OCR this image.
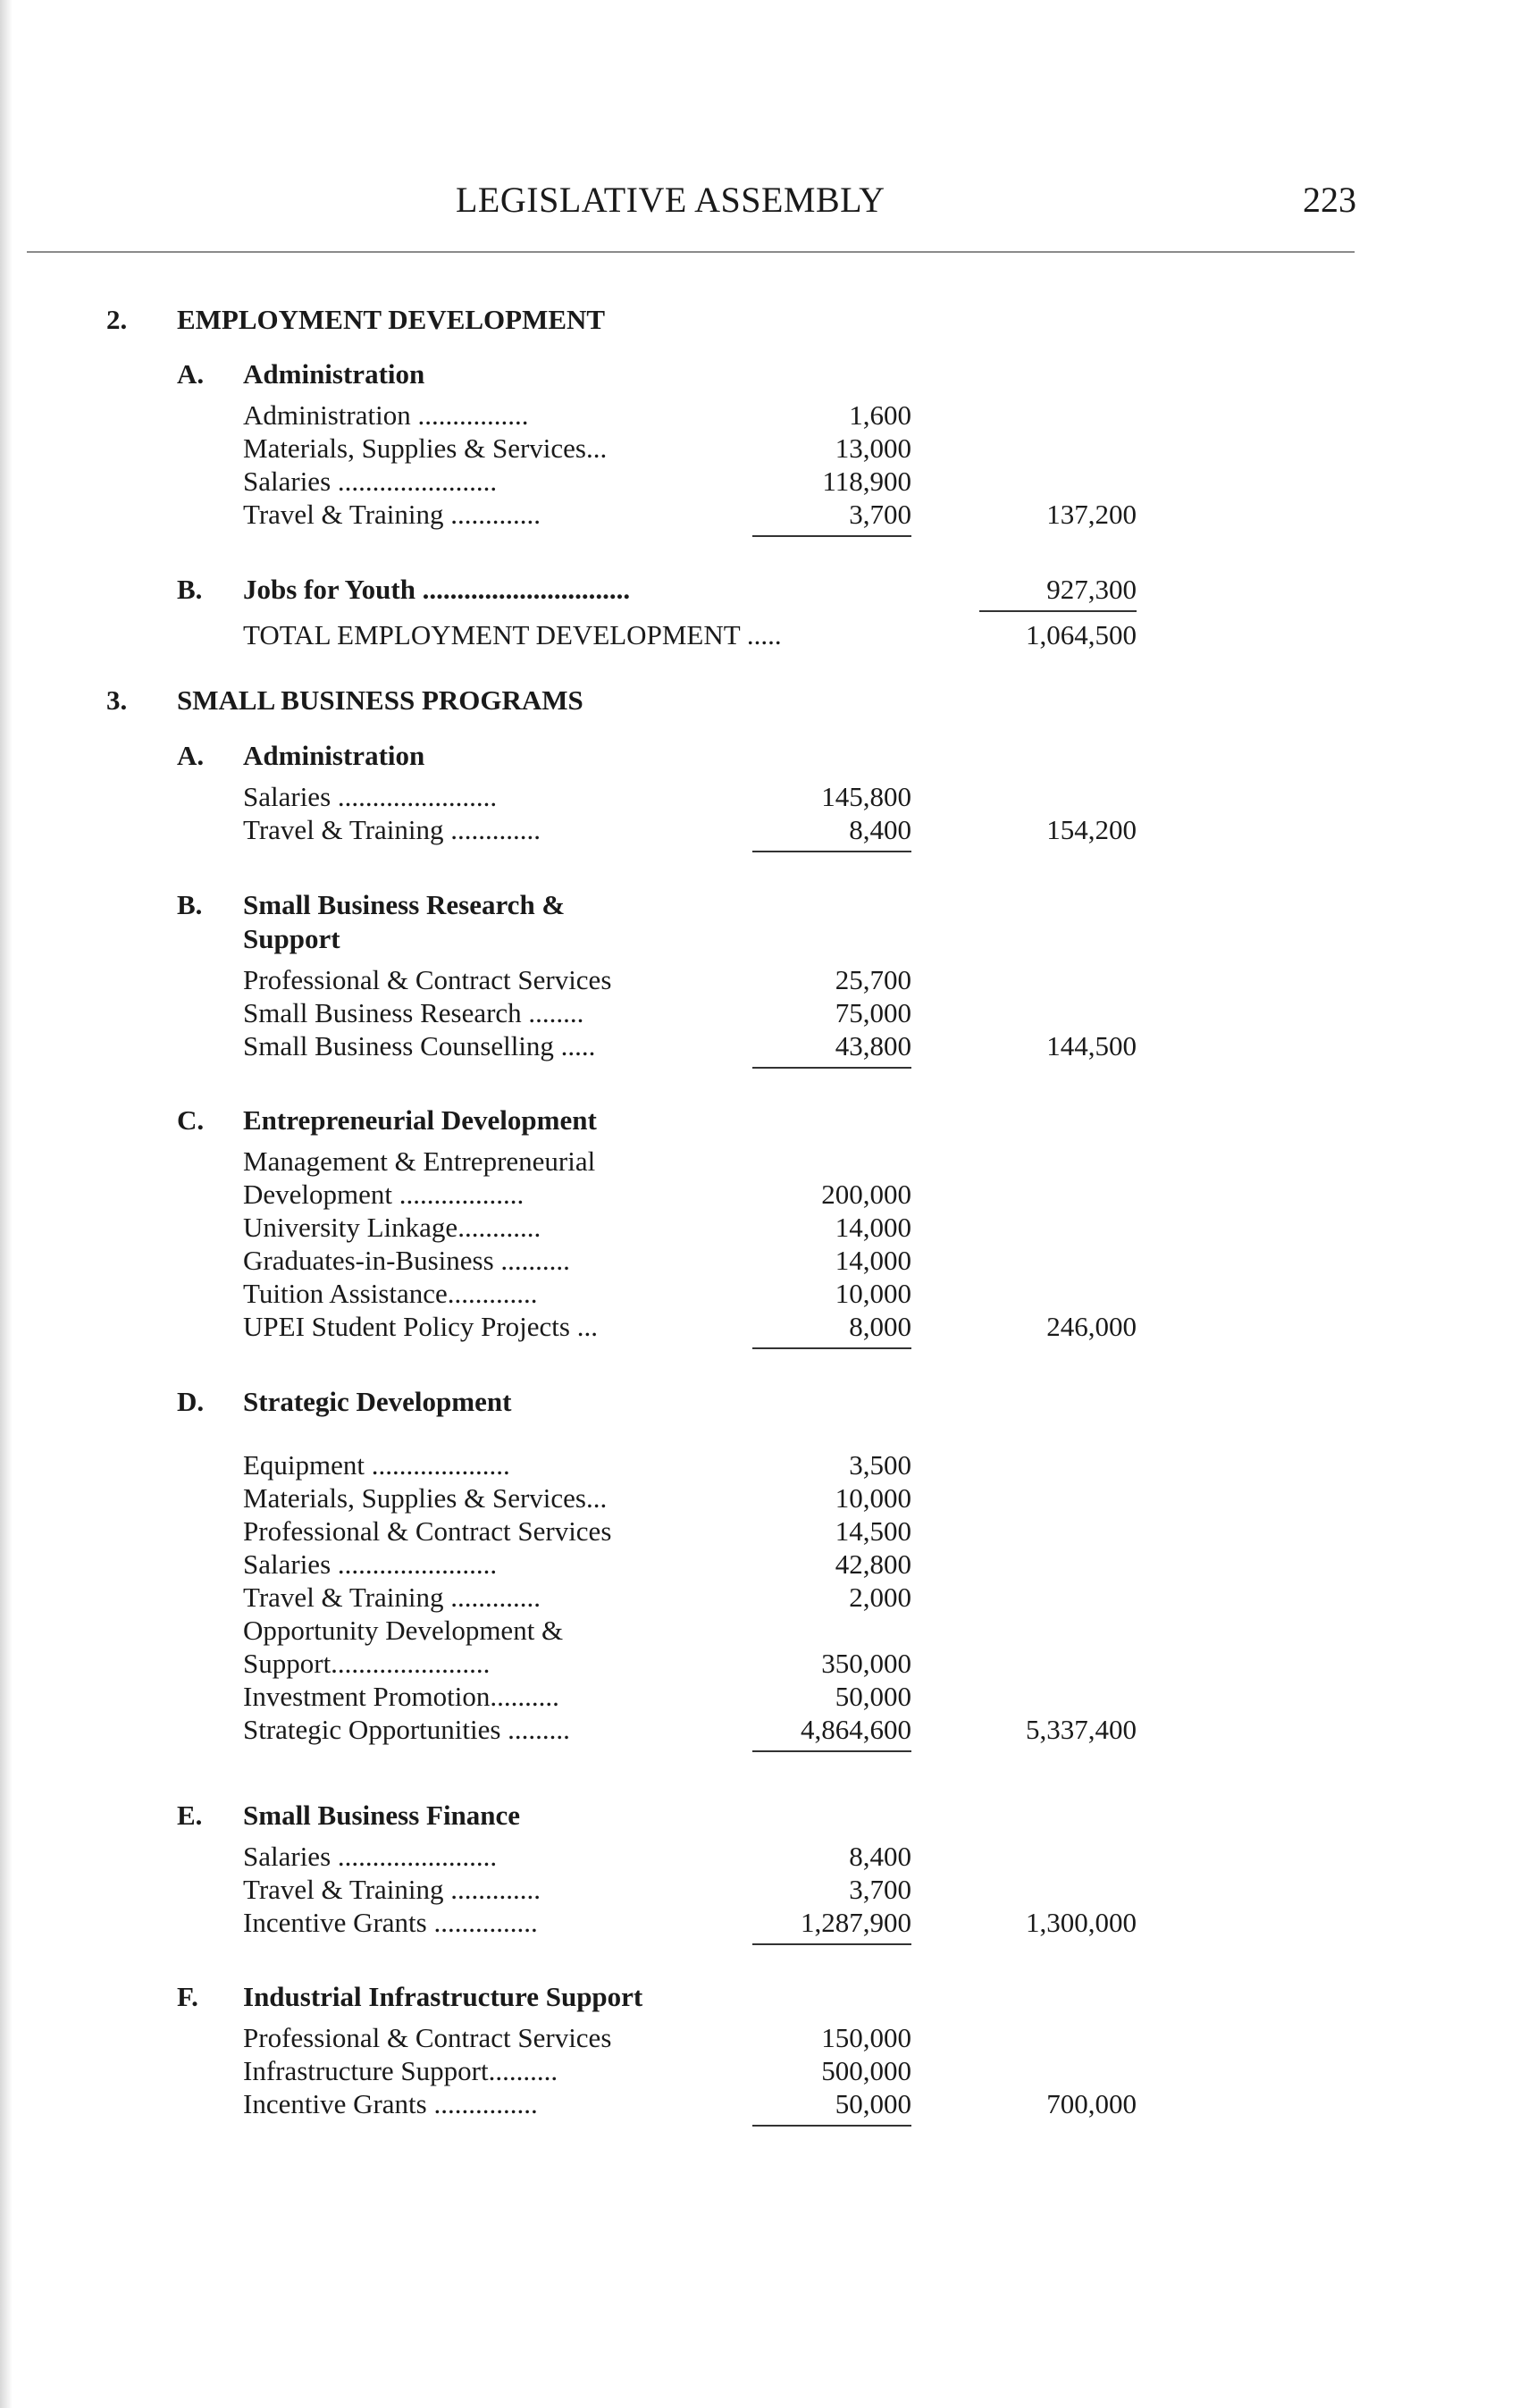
LEGISLATIVE ASSEMBLY	223
2. EMPLOYMENT DEVELOPMENT
A. Administration
Administration ................	1,600
Materials, Supplies & Services...	13,000
Salaries .......................	118,900
Travel & Training .............	3,700	137,200
B. Jobs for Youth ..............................	927,300
TOTAL EMPLOYMENT DEVELOPMENT .....	1,064,500
3. SMALL BUSINESS PROGRAMS
A. Administration
Salaries .......................	145,800
Travel & Training .............	8,400	154,200
B. Small Business Research &
Support
Professional & Contract Services	25,700
Small Business Research ........	75,000
Small Business Counselling .....	43,800	144,500
C. Entrepreneurial Development
Management & Entrepreneurial
Development ..................	200,000
University Linkage............	14,000
Graduates-in-Business ..........	14,000
Tuition Assistance.............	10,000
UPEI Student Policy Projects ...	8,000	246,000
D. Strategic Development
Equipment ....................	3,500
Materials, Supplies & Services...	10,000
Professional & Contract Services	14,500
Salaries .......................	42,800
Travel & Training .............	2,000
Opportunity Development &
Support.......................	350,000
Investment Promotion..........	50,000
Strategic Opportunities .........	4,864,600	5,337,400
E. Small Business Finance
Salaries .......................	8,400
Travel & Training .............	3,700
Incentive Grants ...............	1,287,900	1,300,000
F. Industrial Infrastructure Support
Professional & Contract Services	150,000
Infrastructure Support..........	500,000
Incentive Grants ...............	50,000	700,000
